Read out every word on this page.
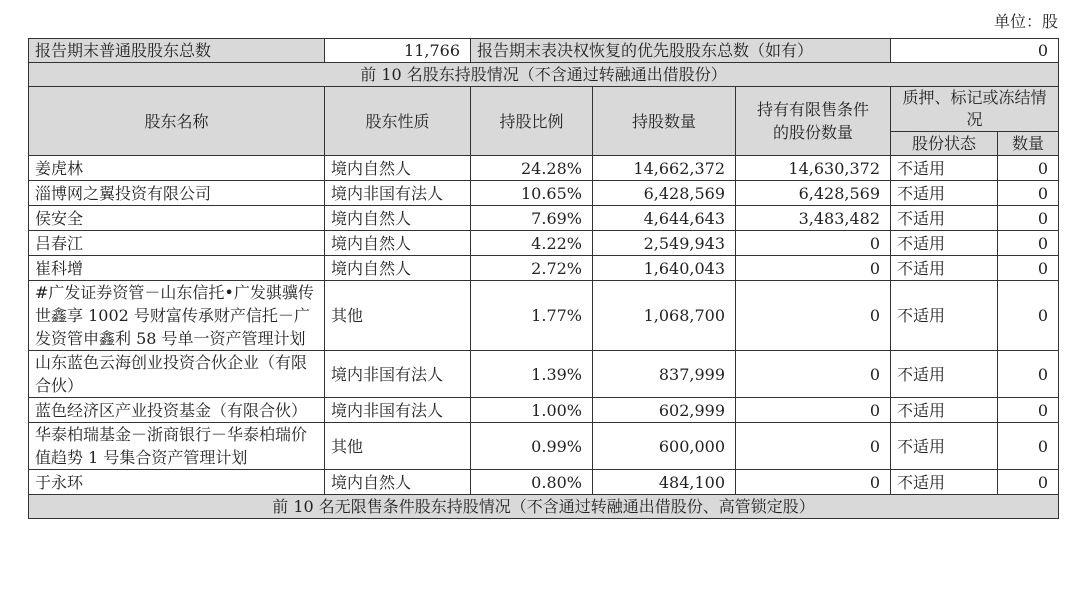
单位：股
报告期末普通股股东总数	11,766	报告期末表决权恢复的优先股股东总数（如有）			0	
前 10 名股东持股情况（不含通过转融通出借股份）						
股东名称	股东性质	持股比例	持股数量	持有有限售条件的股份数量	质押、标记或冻结情况	
					股份状态	数量
姜虎林	境内自然人	24.28%	14,662,372	14,630,372	不适用	0
淄博网之翼投资有限公司	境内非国有法人	10.65%	6,428,569	6,428,569	不适用	0
侯安全	境内自然人	7.69%	4,644,643	3,483,482	不适用	0
吕春江	境内自然人	4.22%	2,549,943	0	不适用	0
崔科增	境内自然人	2.72%	1,640,043	0	不适用	0
#广发证券资管－山东信托•广发骐骥传世鑫享 1002 号财富传承财产信托－广发资管申鑫利 58 号单一资产管理计划	其他	1.77%	1,068,700	0	不适用	0
山东蓝色云海创业投资合伙企业（有限合伙）	境内非国有法人	1.39%	837,999	0	不适用	0
蓝色经济区产业投资基金（有限合伙）	境内非国有法人	1.00%	602,999	0	不适用	0
华泰柏瑞基金－浙商银行－华泰柏瑞价值趋势 1 号集合资产管理计划	其他	0.99%	600,000	0	不适用	0
于永环	境内自然人	0.80%	484,100	0	不适用	0
前 10 名无限售条件股东持股情况（不含通过转融通出借股份、高管锁定股）						
